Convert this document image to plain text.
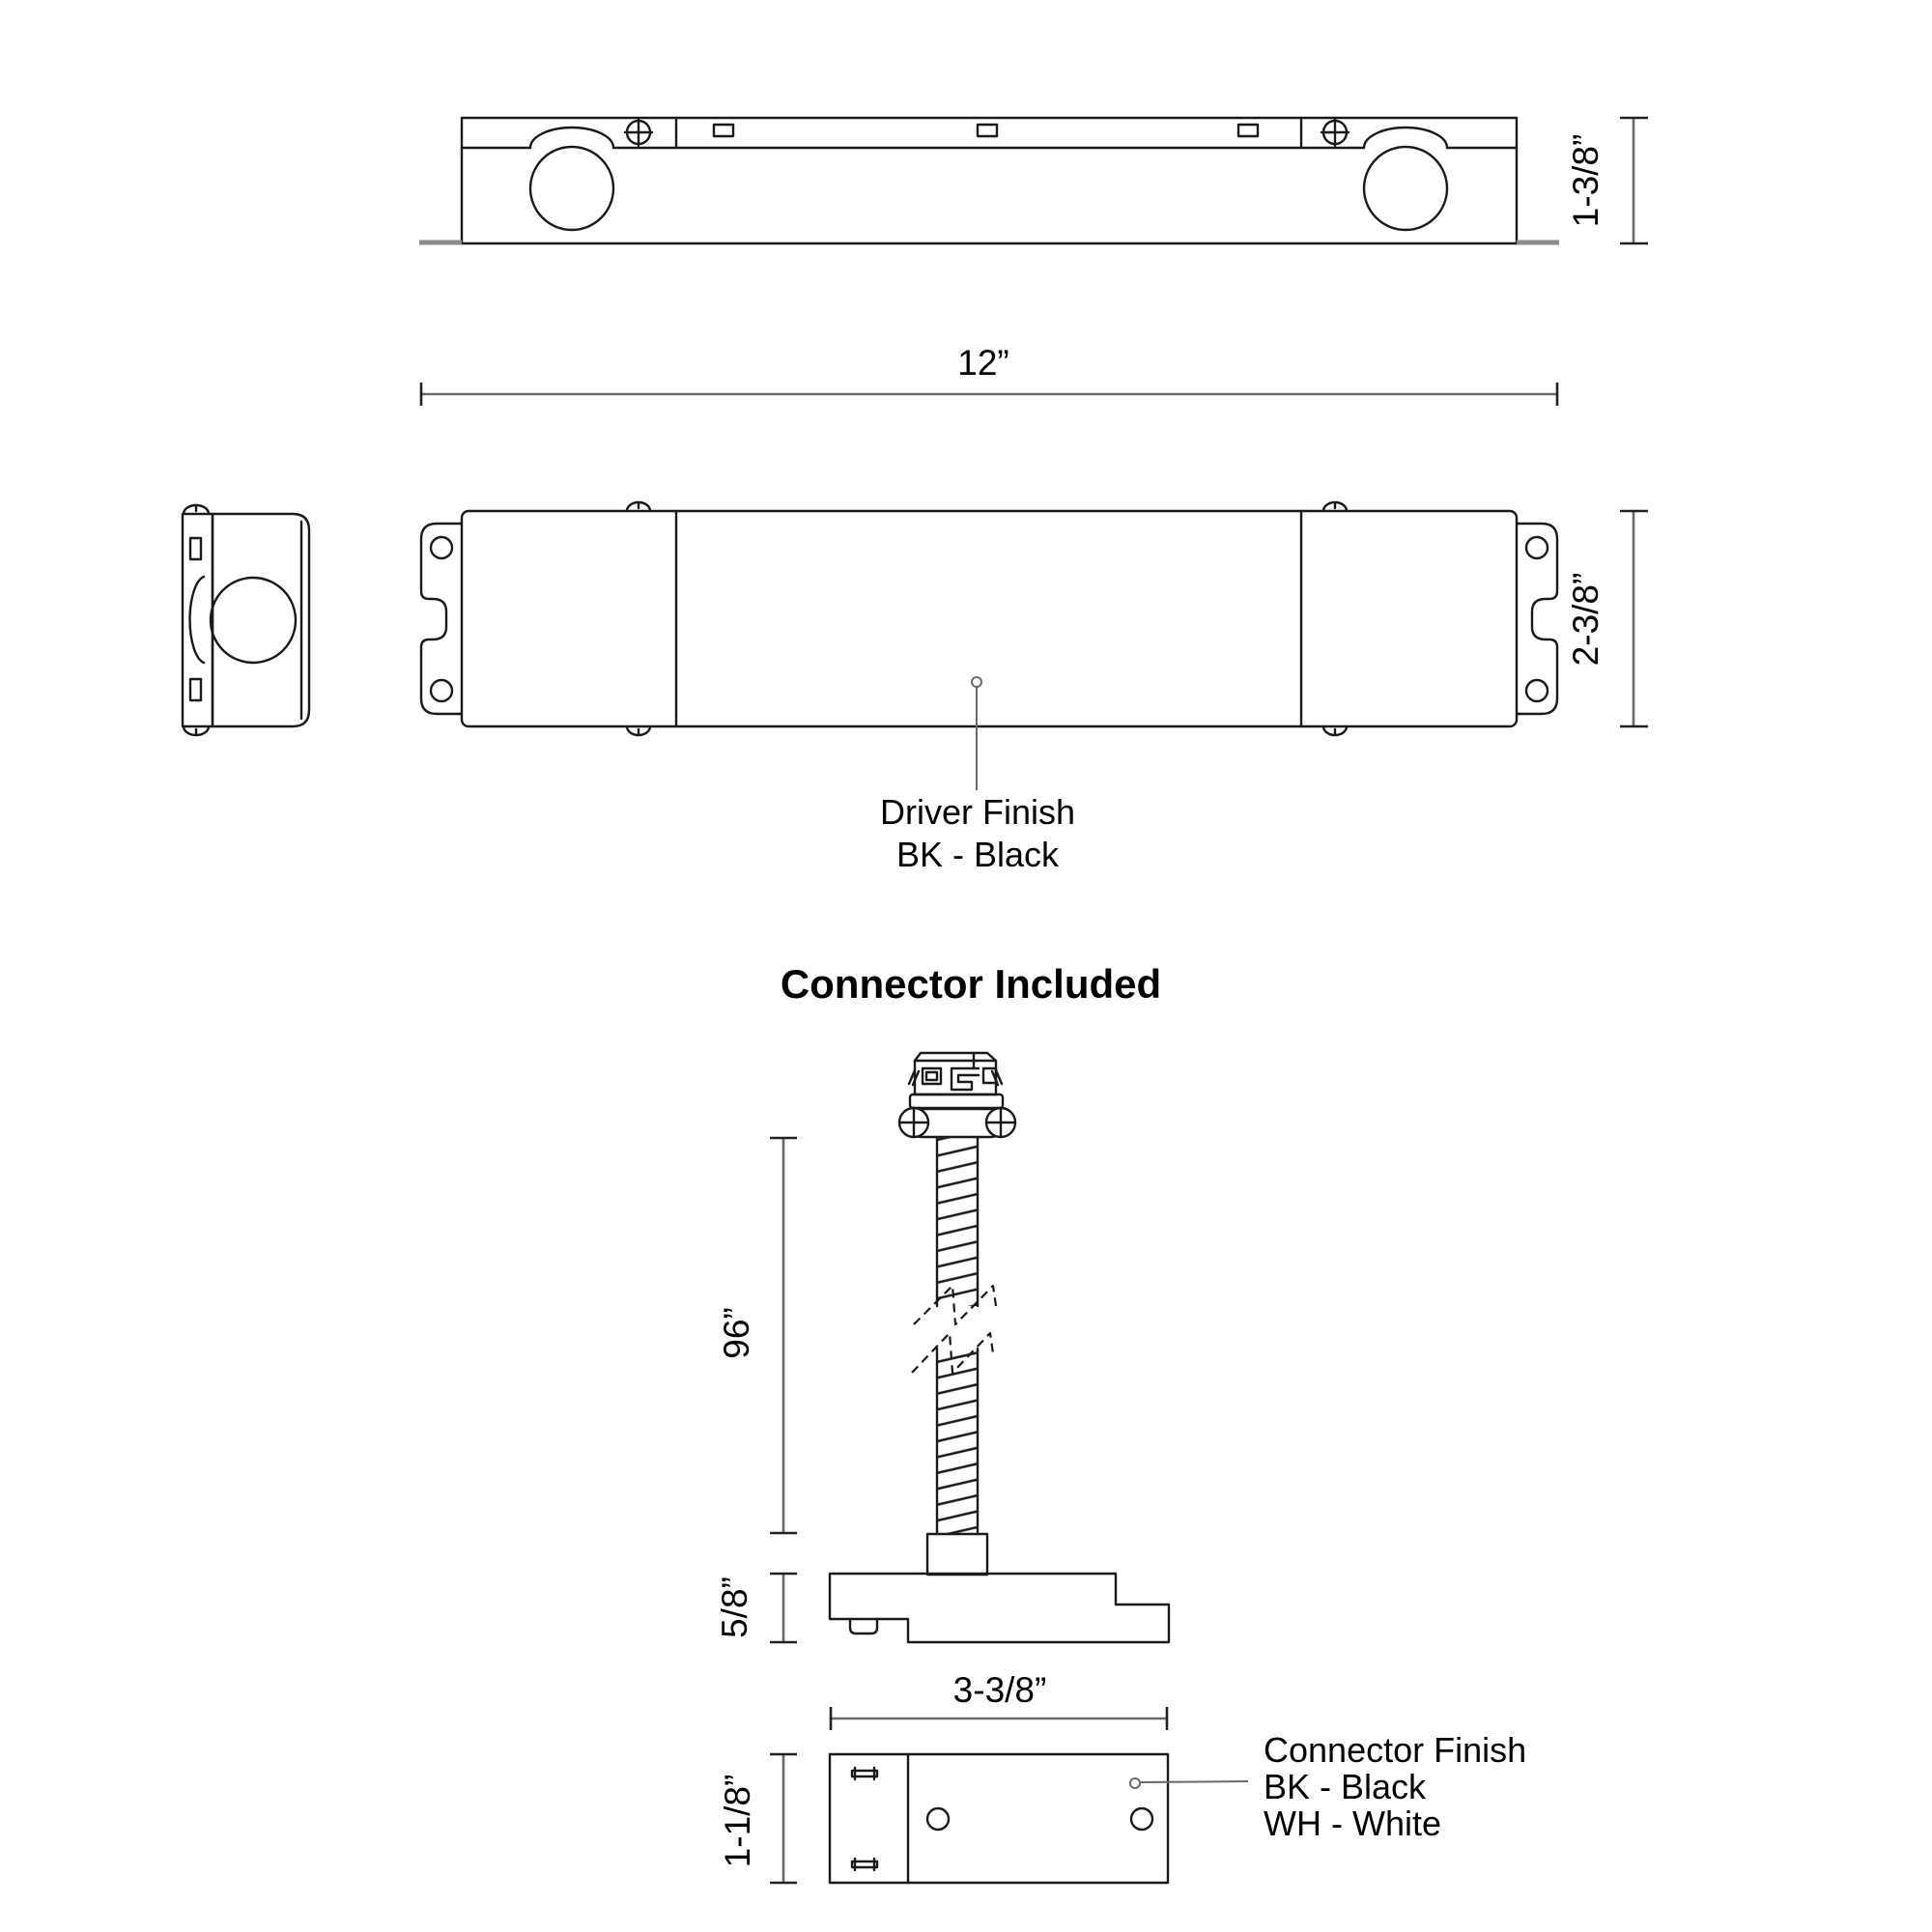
1-3/8”
12”
2-3/8”
Driver Finish
BK - Black
Connector Included
96”
5/8”
3-3/8”
1-1/8”
Connector Finish
BK - Black
WH - White
